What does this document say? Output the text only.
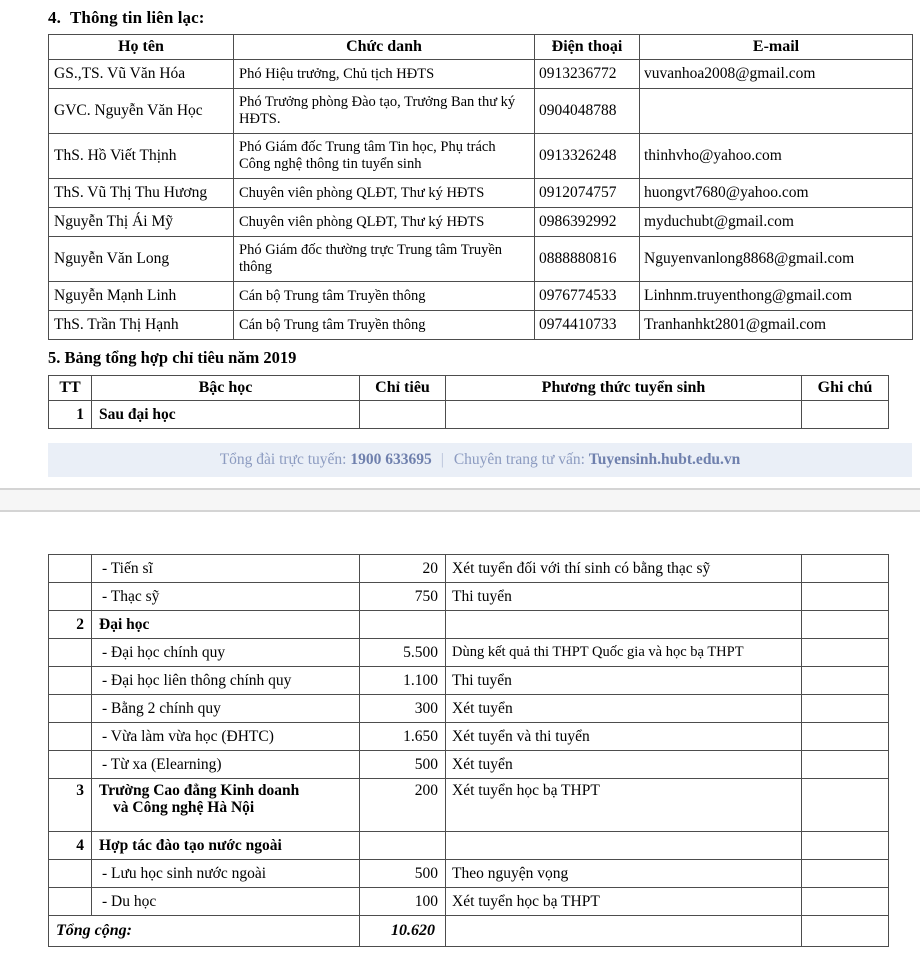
4. Thông tin liên lạc:
Họ tên	Chức danh	Điện thoại	E-mail
GS.,TS. Vũ Văn Hóa	Phó Hiệu trưởng, Chủ tịch HĐTS	0913236772	vuvanhoa2008@gmail.com
GVC. Nguyễn Văn Học	Phó Trưởng phòng Đào tạo, Trưởng Ban thư ký HĐTS.	0904048788	
ThS. Hồ Viết Thịnh	Phó Giám đốc Trung tâm Tin học, Phụ trách Công nghệ thông tin tuyển sinh	0913326248	thinhvho@yahoo.com
ThS. Vũ Thị Thu Hương	Chuyên viên phòng QLĐT, Thư ký HĐTS	0912074757	huongvt7680@yahoo.com
Nguyễn Thị Ái Mỹ	Chuyên viên phòng QLĐT, Thư ký HĐTS	0986392992	myduchubt@gmail.com
Nguyễn Văn Long	Phó Giám đốc thường trực Trung tâm Truyền thông	0888880816	Nguyenvanlong8868@gmail.com
Nguyễn Mạnh Linh	Cán bộ Trung tâm Truyền thông	0976774533	Linhnm.truyenthong@gmail.com
ThS. Trần Thị Hạnh	Cán bộ Trung tâm Truyền thông	0974410733	Tranhanhkt2801@gmail.com
5. Bảng tổng hợp chỉ tiêu năm 2019
TT	Bậc học	Chỉ tiêu	Phương thức tuyển sinh	Ghi chú
1	Sau đại học			
Tổng đài trực tuyến:
1900 633695 | Chuyên trang tư vấn:
Tuyensinh.hubt.edu.vn
	- Tiến sĩ	20	Xét tuyển đối với thí sinh có bằng thạc sỹ	
	- Thạc sỹ	750	Thi tuyển	
2	Đại học			
	- Đại học chính quy	5.500	Dùng kết quả thi THPT Quốc gia và học bạ THPT	
	- Đại học liên thông chính quy	1.100	Thi tuyển	
	- Bằng 2 chính quy	300	Xét tuyển	
	- Vừa làm vừa học (ĐHTC)	1.650	Xét tuyển và thi tuyển	
	- Từ xa (Elearning)	500	Xét tuyển	
3	Trường Cao đẳng Kinh doanh
và Công nghệ Hà Nội	200	Xét tuyển học bạ THPT	
4	Hợp tác đào tạo nước ngoài			
	- Lưu học sinh nước ngoài	500	Theo nguyện vọng	
	- Du học	100	Xét tuyển học bạ THPT	
Tổng cộng:		10.620		
